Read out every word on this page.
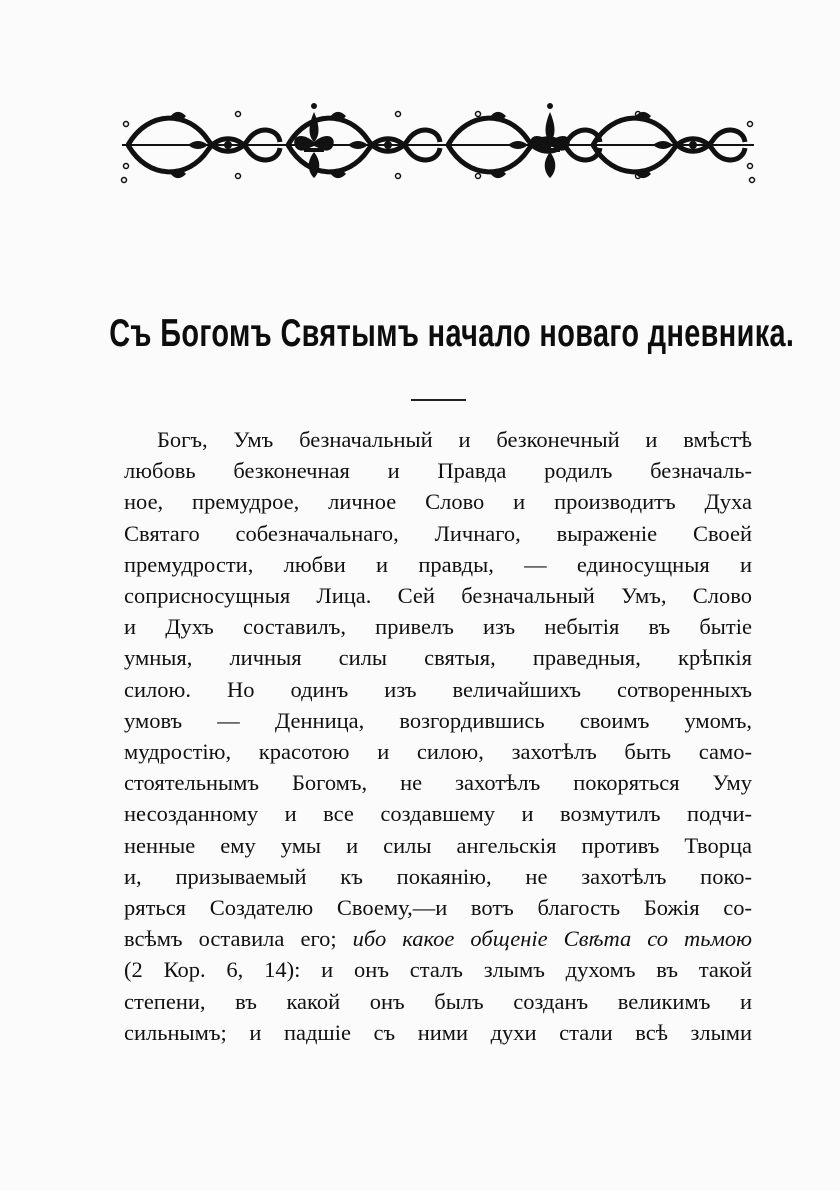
Съ Богомъ Святымъ начало новаго дневника.
Богъ, Умъ безначальный и безконечный и вмѣстѣ
любовь безконечная и Правда родилъ безначаль-
ное, премудрое, личное Слово и производитъ Духа
Святаго собезначальнаго, Личнаго, выраженіе Своей
премудрости, любви и правды, — единосущныя и
соприсносущныя Лица. Сей безначальный Умъ, Слово
и Духъ составилъ, привелъ изъ небытія въ бытіе
умныя, личныя силы святыя, праведныя, крѣпкія
силою. Но одинъ изъ величайшихъ сотворенныхъ
умовъ — Денница, возгордившись своимъ умомъ,
мудростію, красотою и силою, захотѣлъ быть само-
стоятельнымъ Богомъ, не захотѣлъ покоряться Уму
несозданному и все создавшему и возмутилъ подчи-
ненные ему умы и силы ангельскія противъ Творца
и, призываемый къ покаянію, не захотѣлъ поко-
ряться Создателю Своему,—и вотъ благость Божія со-
всѣмъ оставила его; ибо какое общеніе Свѣта со тьмою
(2 Кор. 6, 14): и онъ сталъ злымъ духомъ въ такой
степени, въ какой онъ былъ созданъ великимъ и
сильнымъ; и падшіе съ ними духи стали всѣ злыми
